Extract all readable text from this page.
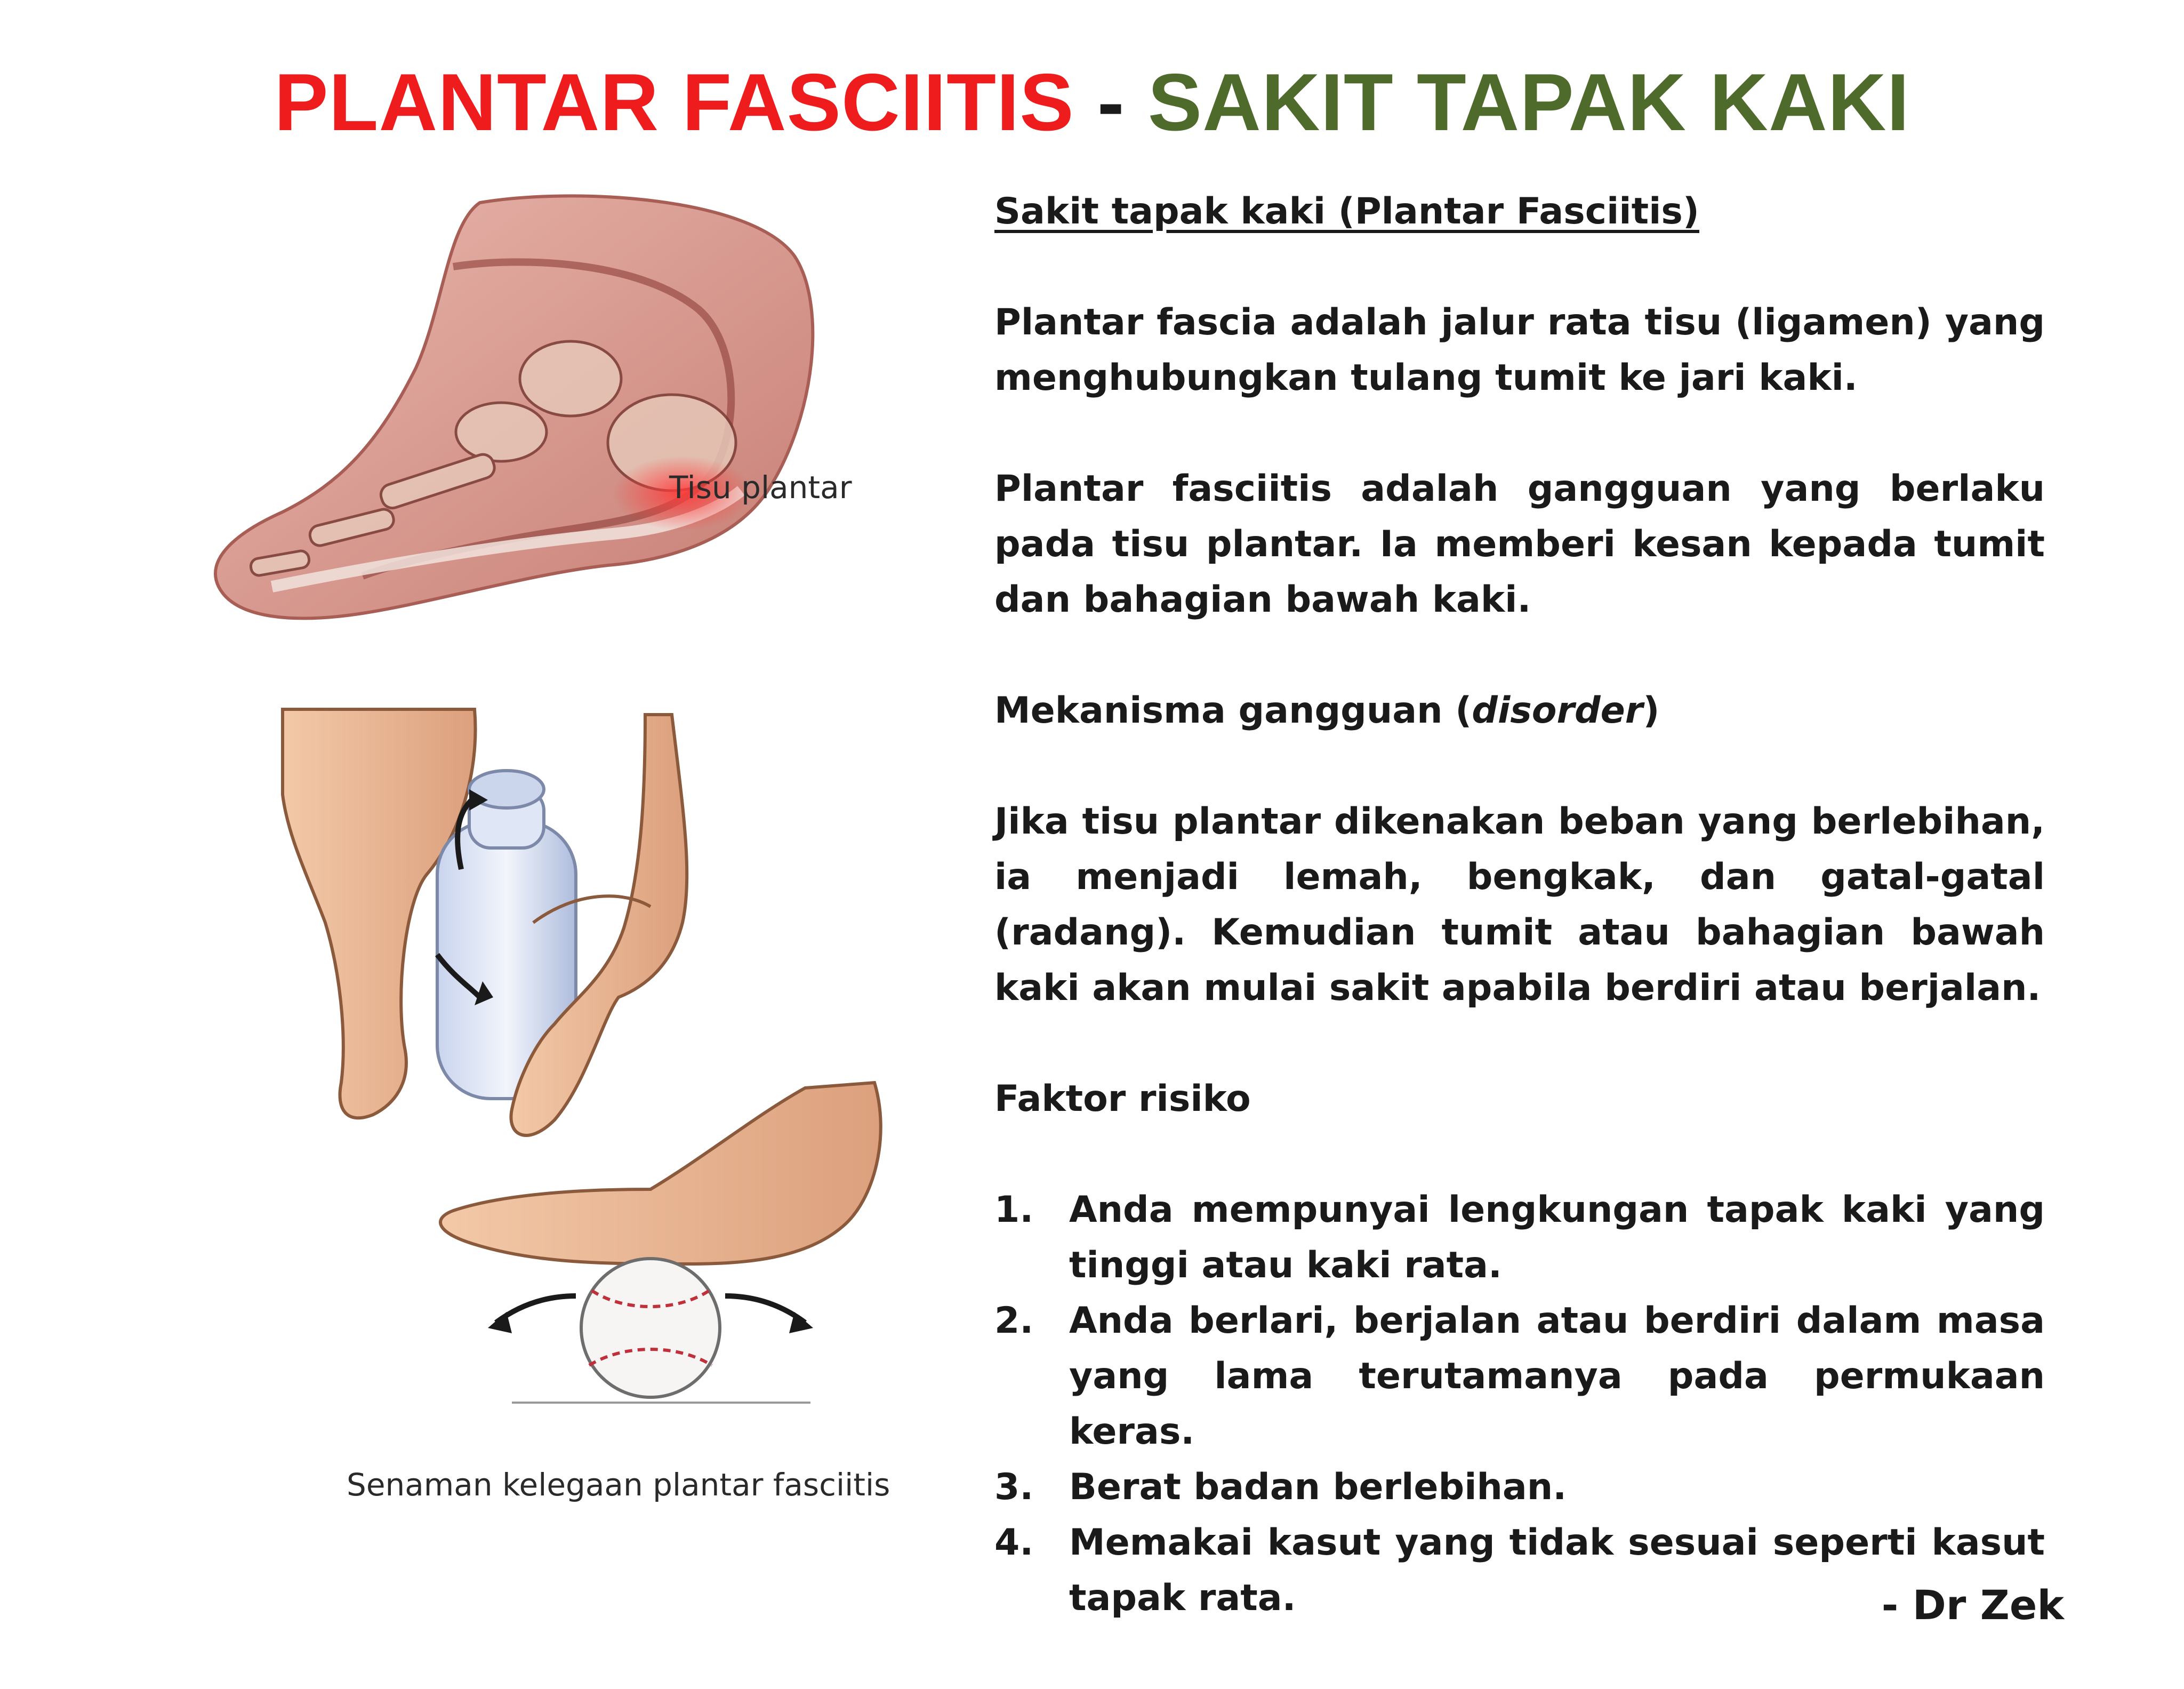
PLANTAR FASCIITIS - SAKIT TAPAK KAKI
Tisu plantar
Senaman kelegaan plantar fasciitis
Sakit tapak kaki (Plantar Fasciitis)

Plantar fascia adalah jalur rata tisu (ligamen) yang menghubungkan tulang tumit ke jari kaki.

Plantar fasciitis adalah gangguan yang berlaku pada tisu plantar. Ia memberi kesan kepada tumit dan bahagian bawah kaki.

Mekanisma gangguan (disorder)

Jika tisu plantar dikenakan beban yang berlebihan, ia menjadi lemah, bengkak, dan gatal-gatal (radang). Kemudian tumit atau bahagian bawah kaki akan mulai sakit apabila berdiri atau berjalan.

Faktor risiko
1. Anda mempunyai lengkungan tapak kaki yang tinggi atau kaki rata.
2. Anda berlari, berjalan atau berdiri dalam masa yang lama terutamanya pada permukaan keras.
3. Berat badan berlebihan.
4. Memakai kasut yang tidak sesuai seperti kasut tapak rata.	- Dr Zek
